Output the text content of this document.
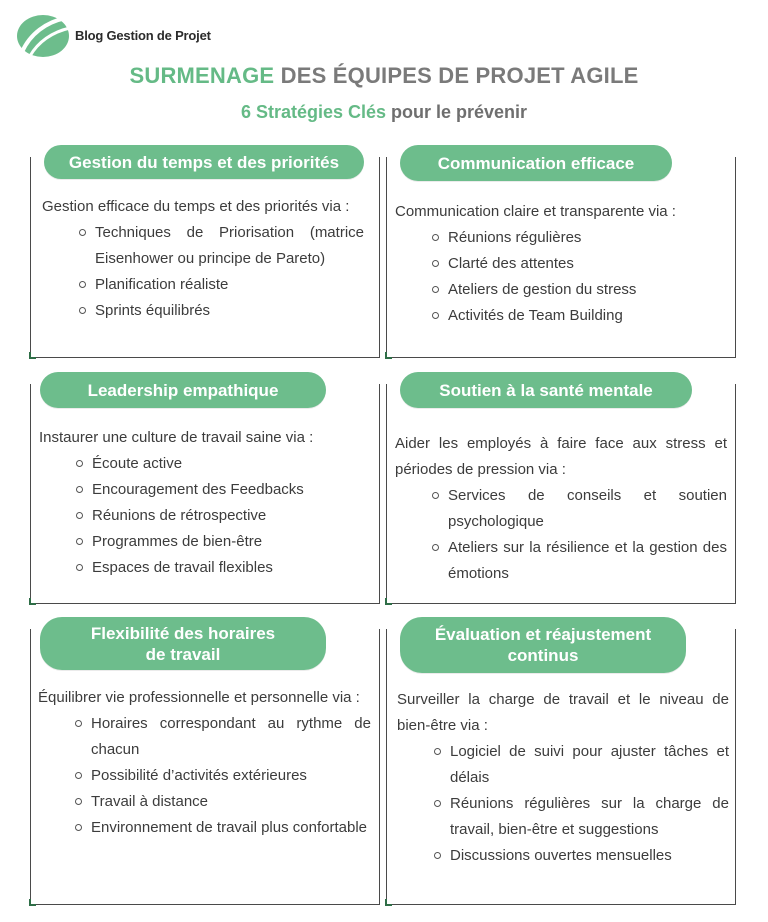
Blog Gestion de Projet
SURMENAGE DES ÉQUIPES DE PROJET AGILE
6 Stratégies Clés pour le prévenir
Gestion du temps et des priorités

Gestion efficace du temps et des priorités via :

Techniques de Priorisation (matrice Eisenhower ou principe de Pareto)
Planification réaliste
Sprints équilibrés
Communication efficace

Communication claire et transparente via :

Réunions régulières
Clarté des attentes
Ateliers de gestion du stress
Activités de Team Building
Leadership empathique

Instaurer une culture de travail saine via :

Écoute active
Encouragement des Feedbacks
Réunions de rétrospective
Programmes de bien-être
Espaces de travail flexibles
Soutien à la santé mentale

Aider les employés à faire face aux stress et périodes de pression via :

Services de conseils et soutien psychologique
Ateliers sur la résilience et la gestion des émotions
Flexibilité des horaires
de travail

Équilibrer vie professionnelle et personnelle via :

Horaires correspondant au rythme de chacun
Possibilité d’activités extérieures
Travail à distance
Environnement de travail plus confortable
Évaluation et réajustement
continus

Surveiller la charge de travail et le niveau de bien-être via :

Logiciel de suivi pour ajuster tâches et délais
Réunions régulières sur la charge de travail, bien-être et suggestions
Discussions ouvertes mensuelles
